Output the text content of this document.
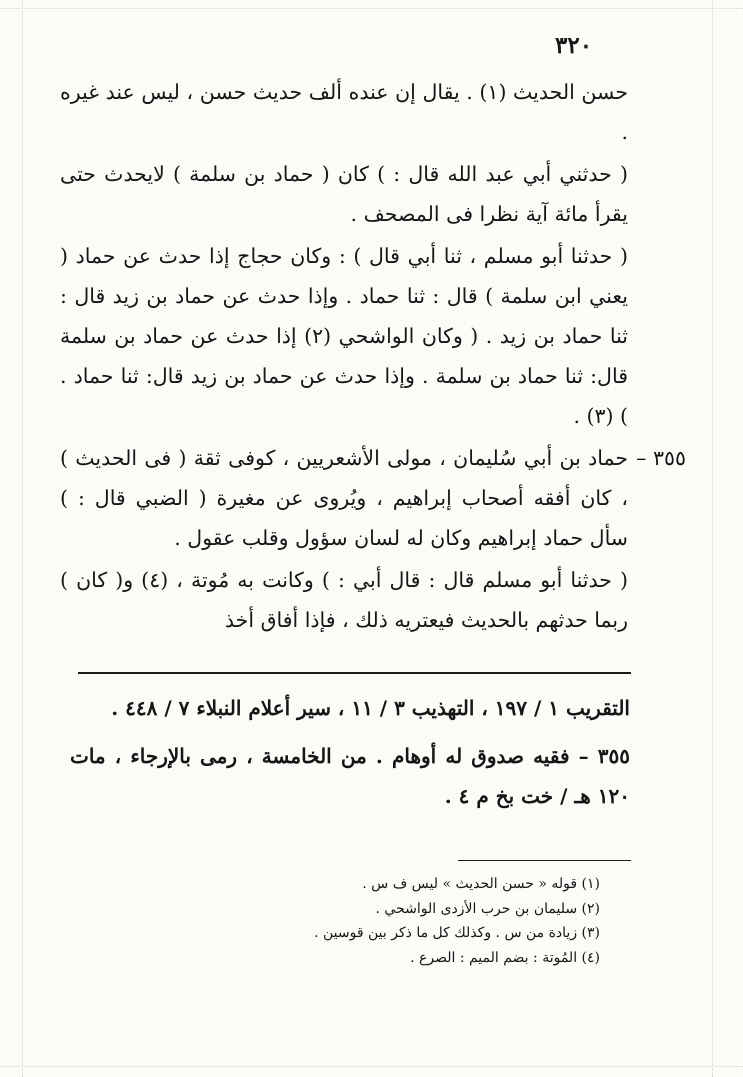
٣٢٠

حسن الحديث (١) . يقال إن عنده ألف حديث حسن ، ليس عند غيره .

( حدثني أبي عبد الله قال : ) كان ( حماد بن سلمة ) لايحدث حتى يقرأ مائة آية نظرا فى المصحف .

( حدثنا أبو مسلم ، ثنا أبي قال ) : وكان حجاج إذا حدث عن حماد ( يعني ابن سلمة ) قال : ثنا حماد . وإذا حدث عن حماد بن زيد قال : ثنا حماد بن زيد . ( وكان الواشحي (٢) إذا حدث عن حماد بن سلمة قال: ثنا حماد بن سلمة . وإذا حدث عن حماد بن زيد قال: ثنا حماد . ) (٣) .

٣٥٥ –

حماد بن أبي سُليمان ، مولى الأشعريين ، كوفى ثقة ( فى الحديث ) ، كان أفقه أصحاب إبراهيم ، ويُروى عن مغيرة ( الضبي قال : ) سأل حماد إبراهيم وكان له لسان سؤول وقلب عقول .

( حدثنا أبو مسلم قال : قال أبي : ) وكانت به مُوتة ، (٤) و( كان ) ربما حدثهم بالحديث فيعتريه ذلك ، فإذا أفاق أخذ

التقريب ١ / ١٩٧ ، التهذيب ٣ / ١١ ، سير أعلام النبلاء ٧ / ٤٤٨ .

٣٥٥ – فقيه صدوق له أوهام . من الخامسة ، رمى بالإرجاء ، مات ١٢٠ هـ / خت بخ م ٤ .

(١) قوله « حسن الحديث » ليس ف س .
(٢) سليمان بن حرب الأزدى الواشحي .
(٣) زيادة من س . وكذلك كل ما ذكر بين قوسين .
(٤) المُوتة : بضم الميم : الصرع .
